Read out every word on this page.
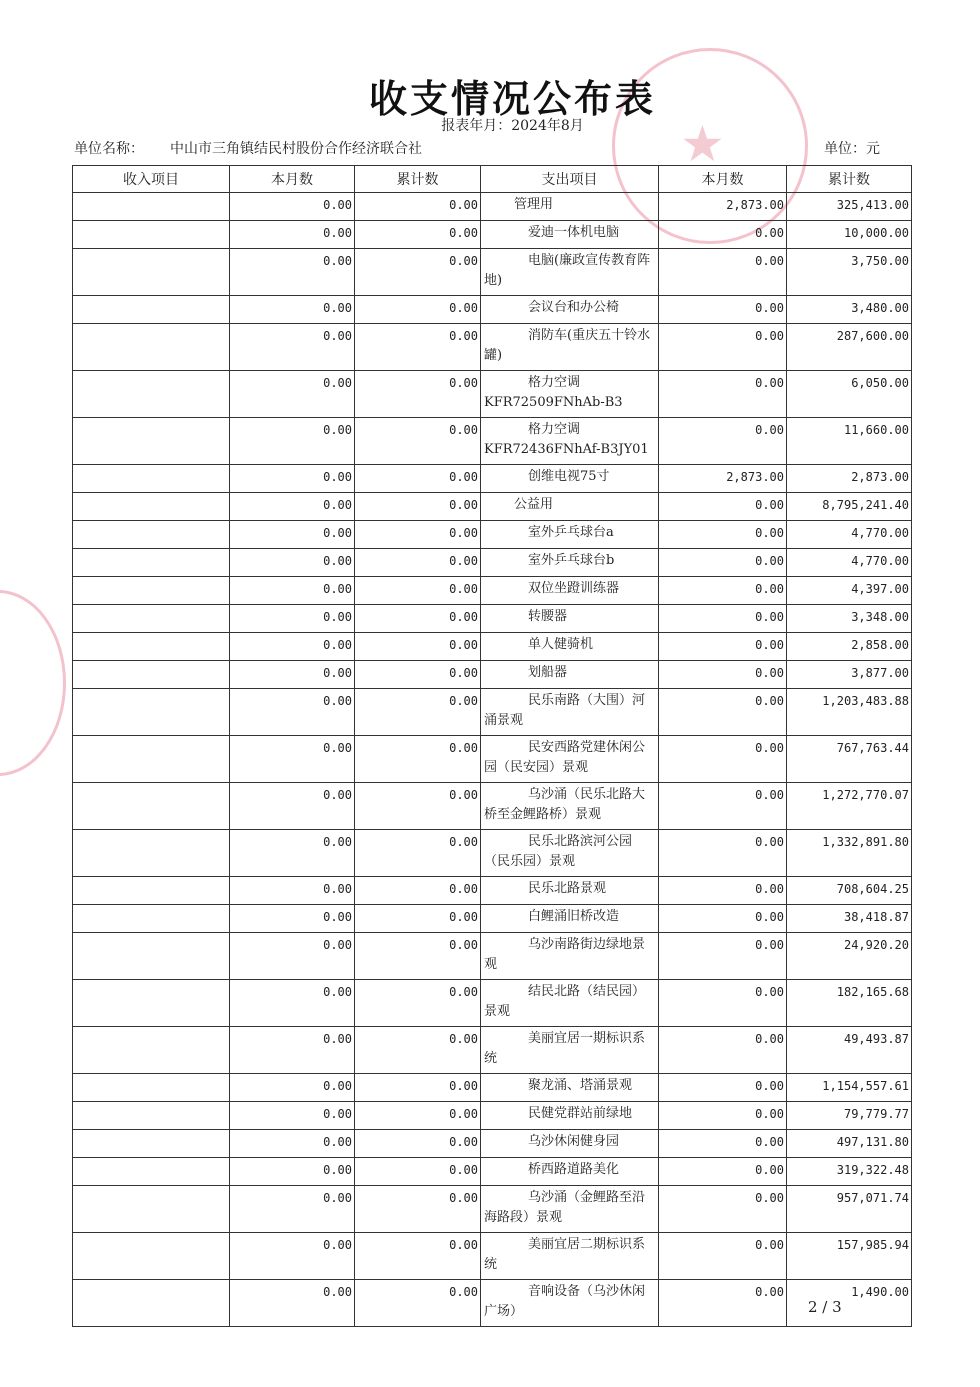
★
收支情况公布表
报表年月：2024年8月
单位名称： 中山市三角镇结民村股份合作经济联合社	单位：元
收入项目	本月数	累计数	支出项目	本月数	累计数
	0.00	0.00	管理用	2,873.00	325,413.00
	0.00	0.00	爱迪一体机电脑	0.00	10,000.00
	0.00	0.00	电脑(廉政宣传教育阵地)	0.00	3,750.00
	0.00	0.00	会议台和办公椅	0.00	3,480.00
	0.00	0.00	消防车(重庆五十铃水罐)	0.00	287,600.00
	0.00	0.00	格力空调KFR72509FNhAb-B3	0.00	6,050.00
	0.00	0.00	格力空调KFR72436FNhAf-B3JY01	0.00	11,660.00
	0.00	0.00	创维电视75寸	2,873.00	2,873.00
	0.00	0.00	公益用	0.00	8,795,241.40
	0.00	0.00	室外乒乓球台a	0.00	4,770.00
	0.00	0.00	室外乒乓球台b	0.00	4,770.00
	0.00	0.00	双位坐蹬训练器	0.00	4,397.00
	0.00	0.00	转腰器	0.00	3,348.00
	0.00	0.00	单人健骑机	0.00	2,858.00
	0.00	0.00	划船器	0.00	3,877.00
	0.00	0.00	民乐南路（大围）河涌景观	0.00	1,203,483.88
	0.00	0.00	民安西路党建休闲公园（民安园）景观	0.00	767,763.44
	0.00	0.00	乌沙涌（民乐北路大桥至金鲤路桥）景观	0.00	1,272,770.07
	0.00	0.00	民乐北路滨河公园（民乐园）景观	0.00	1,332,891.80
	0.00	0.00	民乐北路景观	0.00	708,604.25
	0.00	0.00	白鲤涌旧桥改造	0.00	38,418.87
	0.00	0.00	乌沙南路街边绿地景观	0.00	24,920.20
	0.00	0.00	结民北路（结民园）景观	0.00	182,165.68
	0.00	0.00	美丽宜居一期标识系统	0.00	49,493.87
	0.00	0.00	聚龙涌、塔涌景观	0.00	1,154,557.61
	0.00	0.00	民健党群站前绿地	0.00	79,779.77
	0.00	0.00	乌沙休闲健身园	0.00	497,131.80
	0.00	0.00	桥西路道路美化	0.00	319,322.48
	0.00	0.00	乌沙涌（金鲤路至沿海路段）景观	0.00	957,071.74
	0.00	0.00	美丽宜居二期标识系统	0.00	157,985.94
	0.00	0.00	音响设备（乌沙休闲广场）	0.00	1,490.00
2 / 3
